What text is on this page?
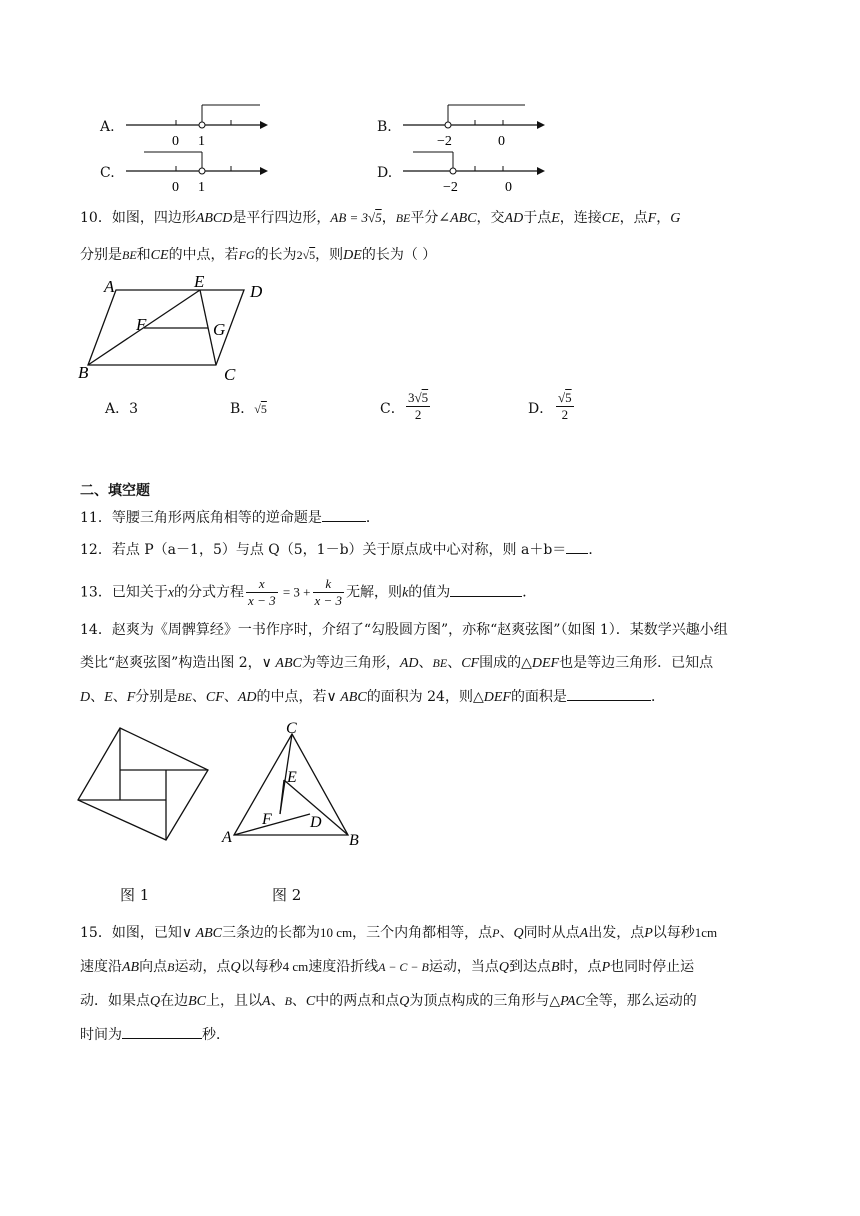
A.
0 1
B.
−2	0
C.
0 1
D.
−2	0
10．如图，四边形ABCD是平行四边形，AB = 3√5，BE平分∠ABC，交AD于点E，连接CE，点F，G
分别是BE和CE的中点，若FG的长为2√5，则DE的长为（ ）
A	E
D
F	G
B	C
A．3	B．√5	C． $\frac{3√5}{2}$	D． $\frac{√5}{2}$
二、填空题
11．等腰三角形两底角相等的逆命题是	．
12．若点 P（a－1，5）与点 Q（5，1－b）关于原点成中心对称，则 a＋b＝ ．
13．已知关于x的分式方程 $\frac{x}{x - 3} = 3 + \frac{k}{x - 3}$ 无解，则k的值为	．
14．赵爽为《周髀算经》一书作序时，介绍了“勾股圆方图”，亦称“赵爽弦图”（如图 1）．某数学兴趣小组
类比“赵爽弦图”构造出图 2，∨ ABC为等边三角形，AD、BE、CF围成的△DEF也是等边三角形．已知点
D、E、F分别是BE、CF、AD的中点，若∨ ABC的面积为 24，则△DEF的面积是	．
C
E
F D
A	B
图 1	图 2
15．如图，已知∨ ABC三条边的长都为10 cm，三个内角都相等，点P、Q同时从点A出发，点P以每秒1cm
速度沿AB向点B运动，点Q以每秒4 cm速度沿折线A − C − B运动，当点Q到达点B时，点P也同时停止运
动．如果点Q在边BC上，且以A、B、C中的两点和点Q为顶点构成的三角形与△PAC全等，那么运动的
时间为	秒．
